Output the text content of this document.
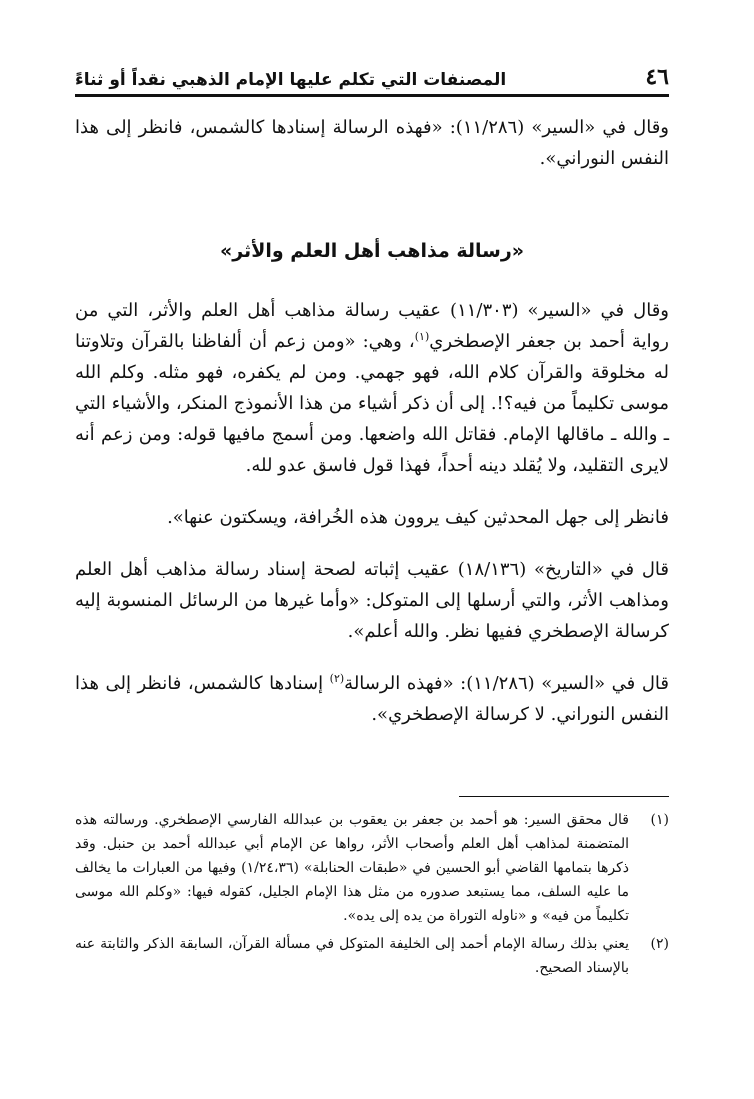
٤٦
المصنفات التي تكلم عليها الإمام الذهبي نقداً أو ثناءً

وقال في «السير» (١١/٢٨٦): «فهذه الرسالة إسنادها كالشمس، فانظر إلى هذا النفس النوراني».

«رسالة مذاهب أهل العلم والأثر»

وقال في «السير» (١١/٣٠٣) عقيب رسالة مذاهب أهل العلم والأثر، التي من رواية أحمد بن جعفر الإصطخري$^{(١)}$، وهي: «ومن زعم أن ألفاظنا بالقرآن وتلاوتنا له مخلوقة والقرآن كلام الله، فهو جهمي. ومن لم يكفره، فهو مثله. وكلم الله موسى تكليماً من فيه؟!. إلى أن ذكر أشياء من هذا الأنموذج المنكر، والأشياء التي ـ والله ـ ماقالها الإمام. فقاتل الله واضعها. ومن أسمج مافيها قوله: ومن زعم أنه لايرى التقليد، ولا يُقلد دينه أحداً، فهذا قول فاسق عدو لله.

فانظر إلى جهل المحدثين كيف يروون هذه الخُرافة، ويسكتون عنها».

قال في «التاريخ» (١٨/١٣٦) عقيب إثباته لصحة إسناد رسالة مذاهب أهل العلم ومذاهب الأثر، والتي أرسلها إلى المتوكل: «وأما غيرها من الرسائل المنسوبة إليه كرسالة الإصطخري ففيها نظر. والله أعلم».

قال في «السير» (١١/٢٨٦): «فهذه الرسالة$^{(٢)}$ إسنادها كالشمس، فانظر إلى هذا النفس النوراني. لا كرسالة الإصطخري».

(١)
قال محقق السير: هو أحمد بن جعفر بن يعقوب بن عبدالله الفارسي الإصطخري. ورسالته هذه المتضمنة لمذاهب أهل العلم وأصحاب الأثر، رواها عن الإمام أبي عبدالله أحمد بن حنبل. وقد ذكرها بتمامها القاضي أبو الحسين في «طبقات الحنابلة» (١/٢٤،٣٦) وفيها من العبارات ما يخالف ما عليه السلف، مما يستبعد صدوره من مثل هذا الإمام الجليل، كقوله فيها: «وكلم الله موسى تكليماً من فيه» و «ناوله التوراة من يده إلى يده».
(٢)
يعني بذلك رسالة الإمام أحمد إلى الخليفة المتوكل في مسألة القرآن، السابقة الذكر والثابتة عنه بالإسناد الصحيح.
